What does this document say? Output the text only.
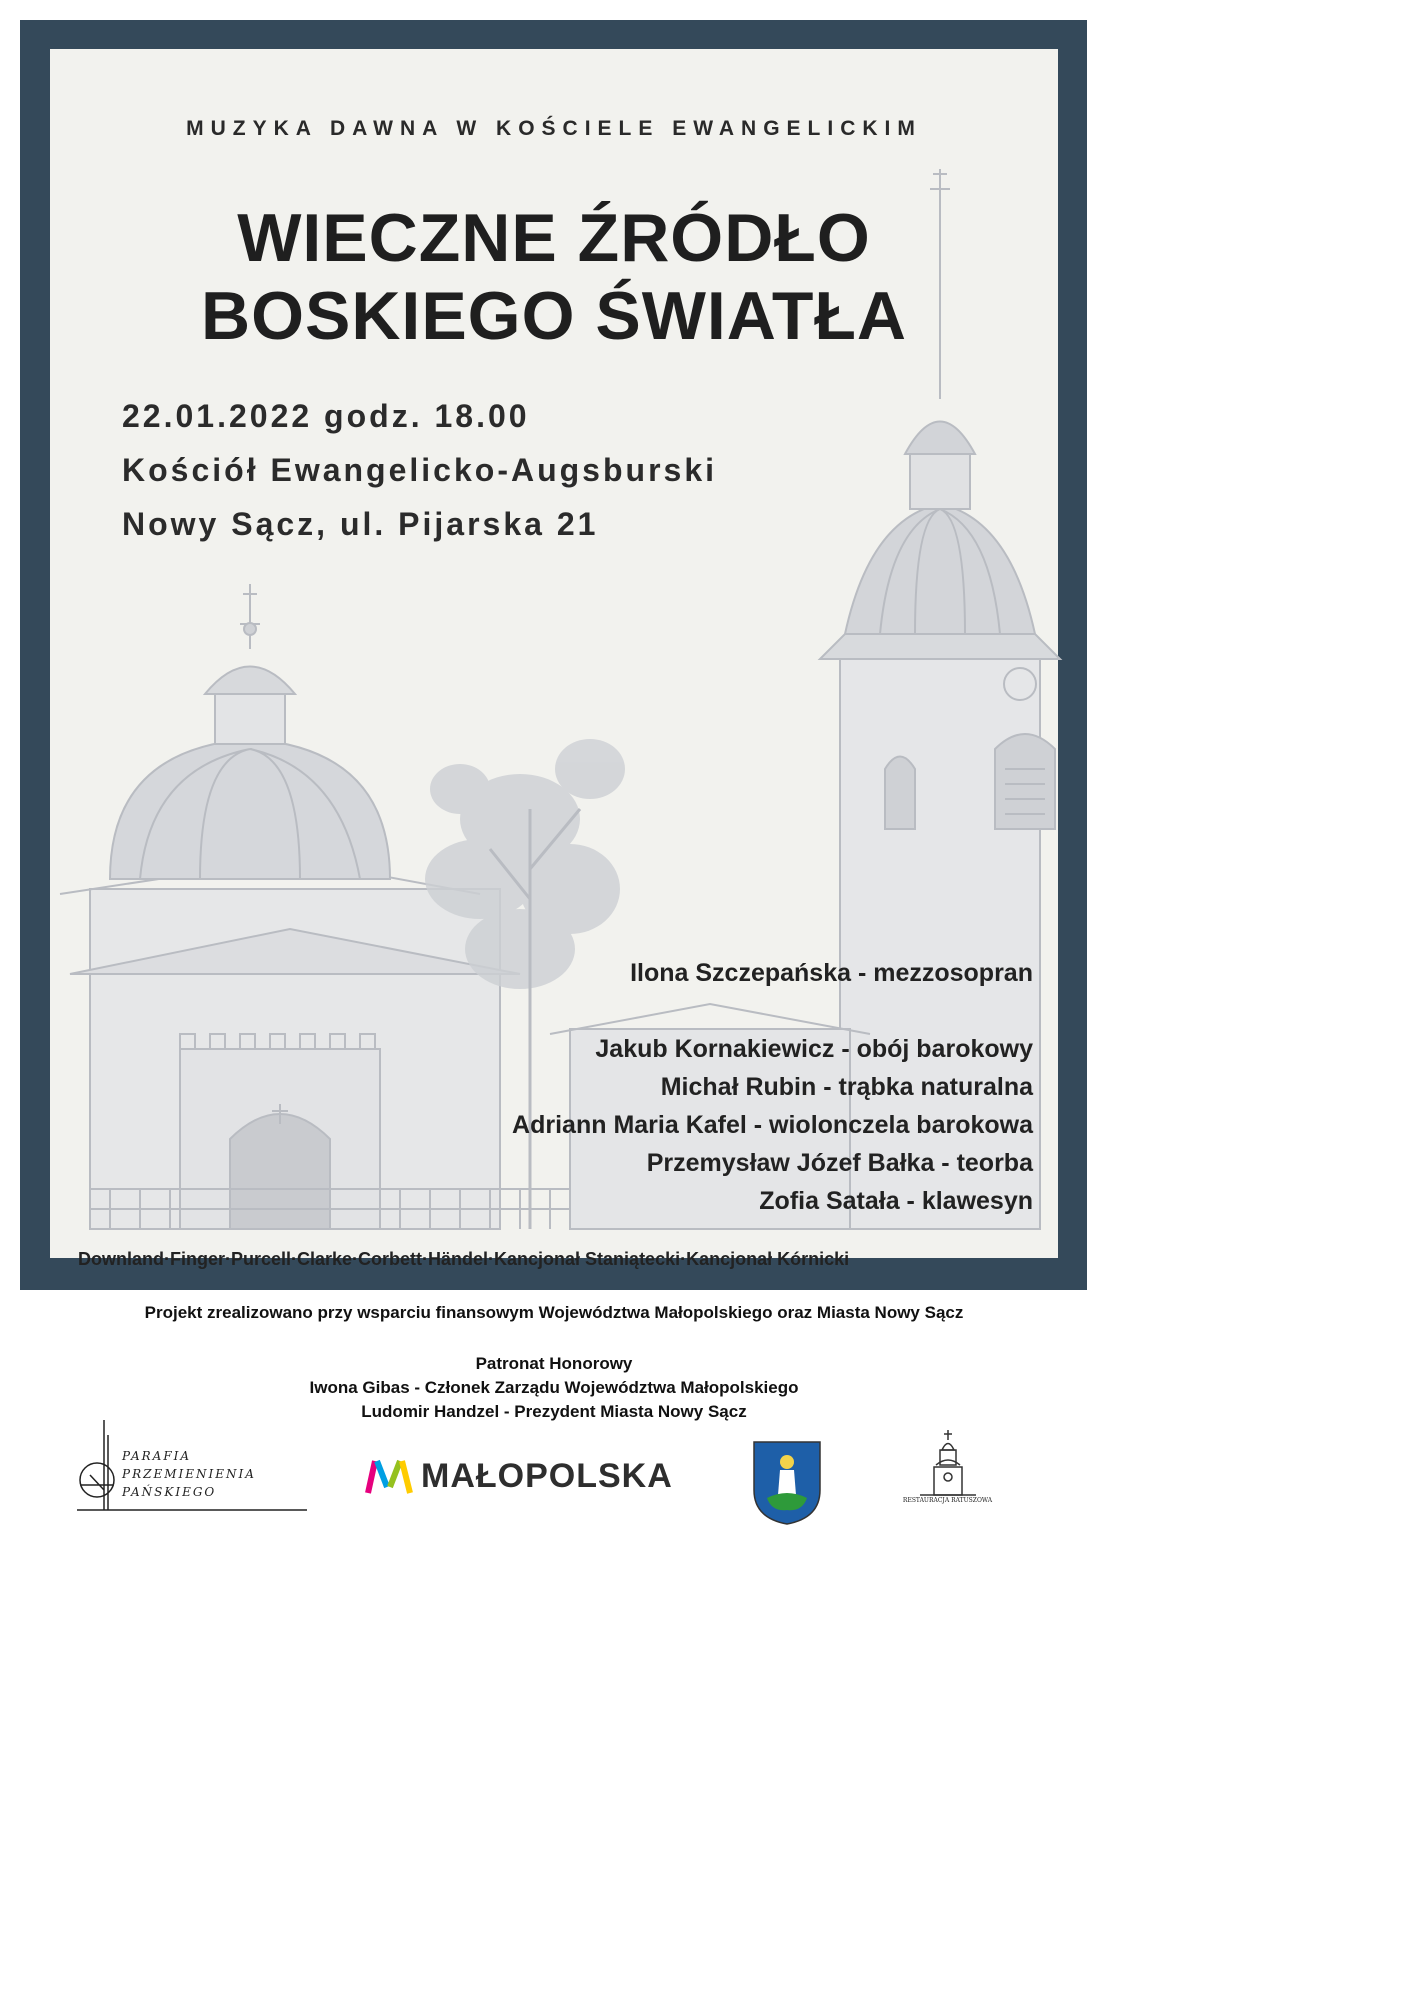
MUZYKA DAWNA W KOŚCIELE EWANGELICKIM
WIECZNE ŹRÓDŁO
BOSKIEGO ŚWIATŁA
22.01.2022 godz. 18.00
Kościół Ewangelicko-Augsburski
Nowy Sącz, ul. Pijarska 21
Ilona Szczepańska - mezzosopran
Jakub Kornakiewicz - obój barokowy
Michał Rubin - trąbka naturalna
Adriann Maria Kafel - wiolonczela barokowa
Przemysław Józef Bałka - teorba
Zofia Satała - klawesyn
Downland·Finger·Purcell·Clarke·Corbett·Händel·Kancjonał Staniątecki·Kancjonał Kórnicki
Projekt zrealizowano przy wsparciu finansowym Województwa Małopolskiego oraz Miasta Nowy Sącz
Patronat Honorowy
Iwona Gibas - Członek Zarządu Województwa Małopolskiego
Ludomir Handzel - Prezydent Miasta Nowy Sącz
PARAFIA
PRZEMIENIENIA
PAŃSKIEGO	MAŁOPOLSKA
RESTAURACJA RATUSZOWA
